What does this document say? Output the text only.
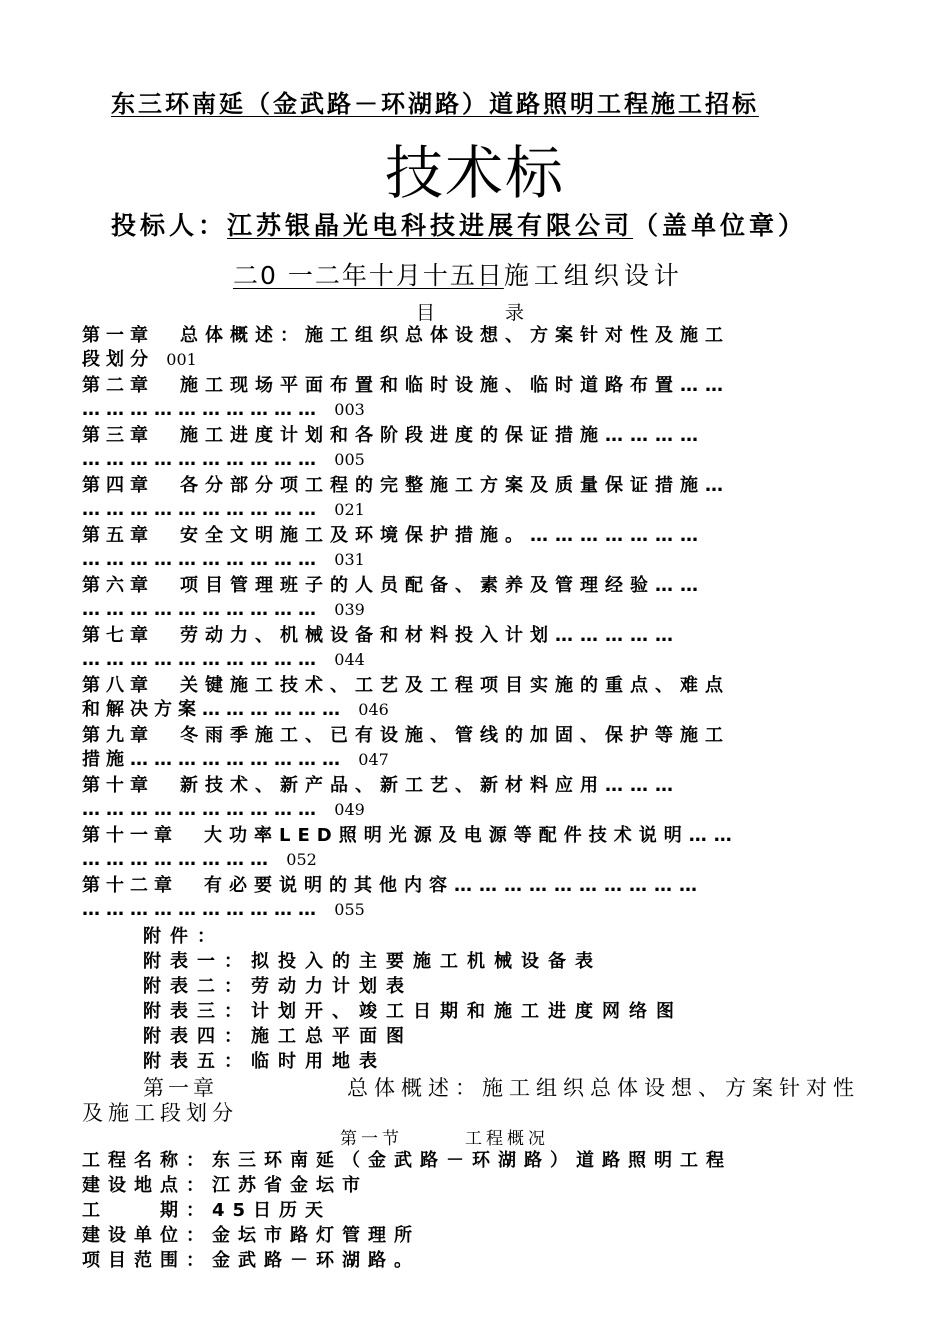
东三环南延（金武路－环湖路）道路照明工程施工招标
技术标
投标人：江苏银晶光电科技进展有限公司（盖单位章）
二0 一二年十月十五日施工组织设计
目录
第一章 总体概述：施工组织总体设想、方案针对性及施工
段划分 001
第二章 施工现场平面布置和临时设施、临时道路布置……
………………………… 003
第三章 施工进度计划和各阶段进度的保证措施…………
………………………… 005
第四章 各分部分项工程的完整施工方案及质量保证措施…
………………………… 021
第五章 安全文明施工及环境保护措施。…………………
………………………… 031
第六章 项目管理班子的人员配备、素养及管理经验……
………………………… 039
第七章 劳动力、机械设备和材料投入计划……………
………………………… 044
第八章 关键施工技术、工艺及工程项目实施的重点、难点
和解决方案……………… 046
第九章 冬雨季施工、已有设施、管线的加固、保护等施工
措施……………………… 047
第十章 新技术、新产品、新工艺、新材料应用………
………………………… 049
第十一章 大功率LED照明光源及电源等配件技术说明……
…………………… 052
第十二章 有必要说明的其他内容…………………………
………………………… 055
附件：
附表一：拟投入的主要施工机械设备表
附表二：劳动力计划表
附表三：计划开、竣工日期和施工进度网络图
附表四：施工总平面图
附表五：临时用地表
第一章	总体概述：施工组织总体设想、方案针对性
及施工段划分
第一节	工程概况
工程名称：东三环南延（金武路－环湖路）道路照明工程
建设地点：江苏省金坛市
工　　期：45日历天
建设单位：金坛市路灯管理所
项目范围：金武路－环湖路。
